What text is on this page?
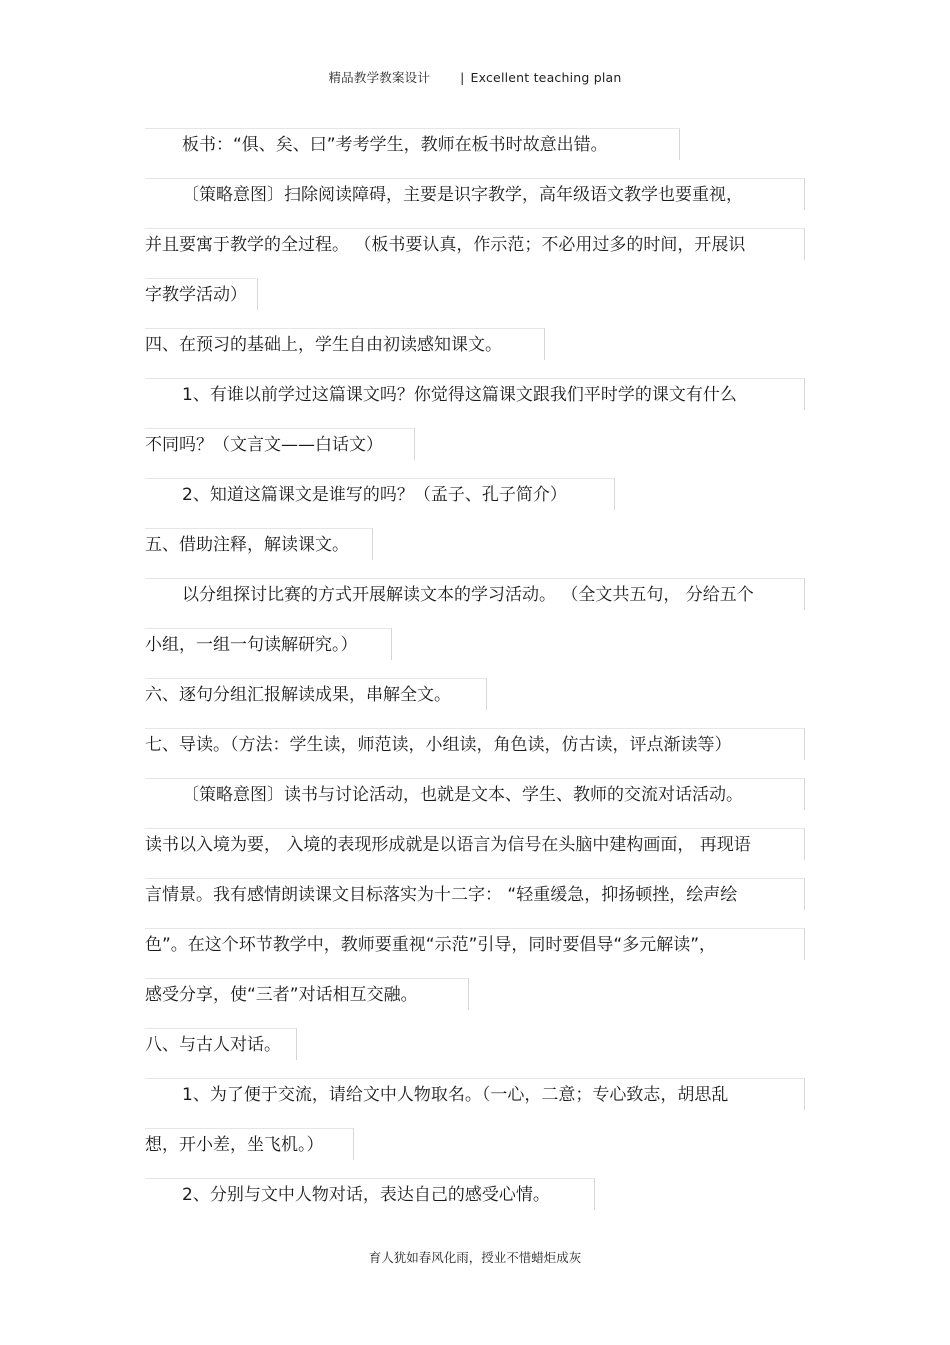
精品教学教案设计 | Excellent teaching plan
板书：“俱、矣、曰”考考学生，教师在板书时故意出错。
〔策略意图〕扫除阅读障碍，主要是识字教学，高年级语文教学也要重视，
并且要寓于教学的全过程。 （板书要认真，作示范；不必用过多的时间，开展识
字教学活动）
四、在预习的基础上，学生自由初读感知课文。
1、有谁以前学过这篇课文吗？你觉得这篇课文跟我们平时学的课文有什么
不同吗？（文言文——白话文）
2、知道这篇课文是谁写的吗？（孟子、孔子简介）
五、借助注释，解读课文。
以分组探讨比赛的方式开展解读文本的学习活动。 （全文共五句， 分给五个
小组，一组一句读解研究。）
六、逐句分组汇报解读成果，串解全文。
七、导读。（方法：学生读，师范读，小组读，角色读，仿古读，评点渐读等）
〔策略意图〕读书与讨论活动，也就是文本、学生、教师的交流对话活动。
读书以入境为要， 入境的表现形成就是以语言为信号在头脑中建构画面， 再现语
言情景。我有感情朗读课文目标落实为十二字： “轻重缓急，抑扬顿挫，绘声绘
色”。在这个环节教学中，教师要重视“示范”引导，同时要倡导“多元解读”，
感受分享，使“三者”对话相互交融。
八、与古人对话。
1、为了便于交流，请给文中人物取名。（一心，二意；专心致志，胡思乱
想，开小差，坐飞机。）
2、分别与文中人物对话，表达自己的感受心情。
育人犹如春风化雨，授业不惜蜡炬成灰
